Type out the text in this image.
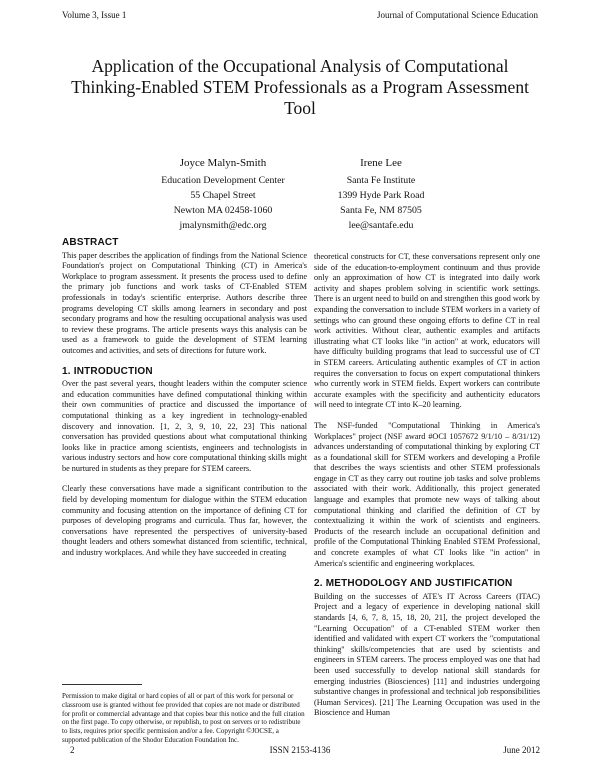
Volume 3, Issue 1	Journal of Computational Science Education
Application of the Occupational Analysis of Computational Thinking-Enabled STEM Professionals as a Program Assessment Tool
Joyce Malyn-Smith
Education Development Center
55 Chapel Street
Newton MA 02458-1060
jmalynsmith@edc.org
Irene Lee
Santa Fe Institute
1399 Hyde Park Road
Santa Fe, NM 87505
lee@santafe.edu
ABSTRACT

This paper describes the application of findings from the National Science Foundation's project on Computational Thinking (CT) in America's Workplace to program assessment. It presents the process used to define the primary job functions and work tasks of CT-Enabled STEM professionals in today's scientific enterprise. Authors describe three programs developing CT skills among learners in secondary and post secondary programs and how the resulting occupational analysis was used to review these programs. The article presents ways this analysis can be used as a framework to guide the development of STEM learning outcomes and activities, and sets of directions for future work.

1. INTRODUCTION

Over the past several years, thought leaders within the computer science and education communities have defined computational thinking within their own communities of practice and discussed the importance of computational thinking as a key ingredient in technology-enabled discovery and innovation. [1, 2, 3, 9, 10, 22, 23] This national conversation has provided questions about what computational thinking looks like in practice among scientists, engineers and technologists in various industry sectors and how core computational thinking skills might be nurtured in students as they prepare for STEM careers.

Clearly these conversations have made a significant contribution to the field by developing momentum for dialogue within the STEM education community and focusing attention on the importance of defining CT for purposes of developing programs and curricula. Thus far, however, the conversations have represented the perspectives of university-based thought leaders and others somewhat distanced from scientific, technical, and industry workplaces. And while they have succeeded in creating

Permission to make digital or hard copies of all or part of this work for personal or classroom use is granted without fee provided that copies are not made or distributed for profit or commercial advantage and that copies bear this notice and the full citation on the first page. To copy otherwise, or republish, to post on servers or to redistribute to lists, requires prior specific permission and/or a fee. Copyright ©JOCSE, a supported publication of the Shodor Education Foundation Inc.

theoretical constructs for CT, these conversations represent only one side of the education-to-employment continuum and thus provide only an approximation of how CT is integrated into daily work activity and shapes problem solving in scientific work settings. There is an urgent need to build on and strengthen this good work by expanding the conversation to include STEM workers in a variety of settings who can ground these ongoing efforts to define CT in real work activities. Without clear, authentic examples and artifacts illustrating what CT looks like "in action" at work, educators will have difficulty building programs that lead to successful use of CT in STEM careers. Articulating authentic examples of CT in action requires the conversation to focus on expert computational thinkers who currently work in STEM fields. Expert workers can contribute accurate examples with the specificity and authenticity educators will need to integrate CT into K–20 learning.

The NSF-funded "Computational Thinking in America's Workplaces" project (NSF award #OCI 1057672 9/1/10 – 8/31/12) advances understanding of computational thinking by exploring CT as a foundational skill for STEM workers and developing a Profile that describes the ways scientists and other STEM professionals engage in CT as they carry out routine job tasks and solve problems associated with their work. Additionally, this project generated language and examples that promote new ways of talking about computational thinking and clarified the definition of CT by contextualizing it within the work of scientists and engineers. Products of the research include an occupational definition and profile of the Computational Thinking Enabled STEM Professional, and concrete examples of what CT looks like "in action" in America's scientific and engineering workplaces.

2. METHODOLOGY AND JUSTIFICATION

Building on the successes of ATE's IT Across Careers (ITAC) Project and a legacy of experience in developing national skill standards [4, 6, 7, 8, 15, 18, 20, 21], the project developed the "Learning Occupation" of a CT-enabled STEM worker then identified and validated with expert CT workers the "computational thinking" skills/competencies that are used by scientists and engineers in STEM careers. The process employed was one that had been used successfully to develop national skill standards for emerging industries (Biosciences) [11] and industries undergoing substantive changes in professional and technical job responsibilities (Human Services). [21] The Learning Occupation was used in the Bioscience and Human

2	ISSN 2153-4136	June 2012
